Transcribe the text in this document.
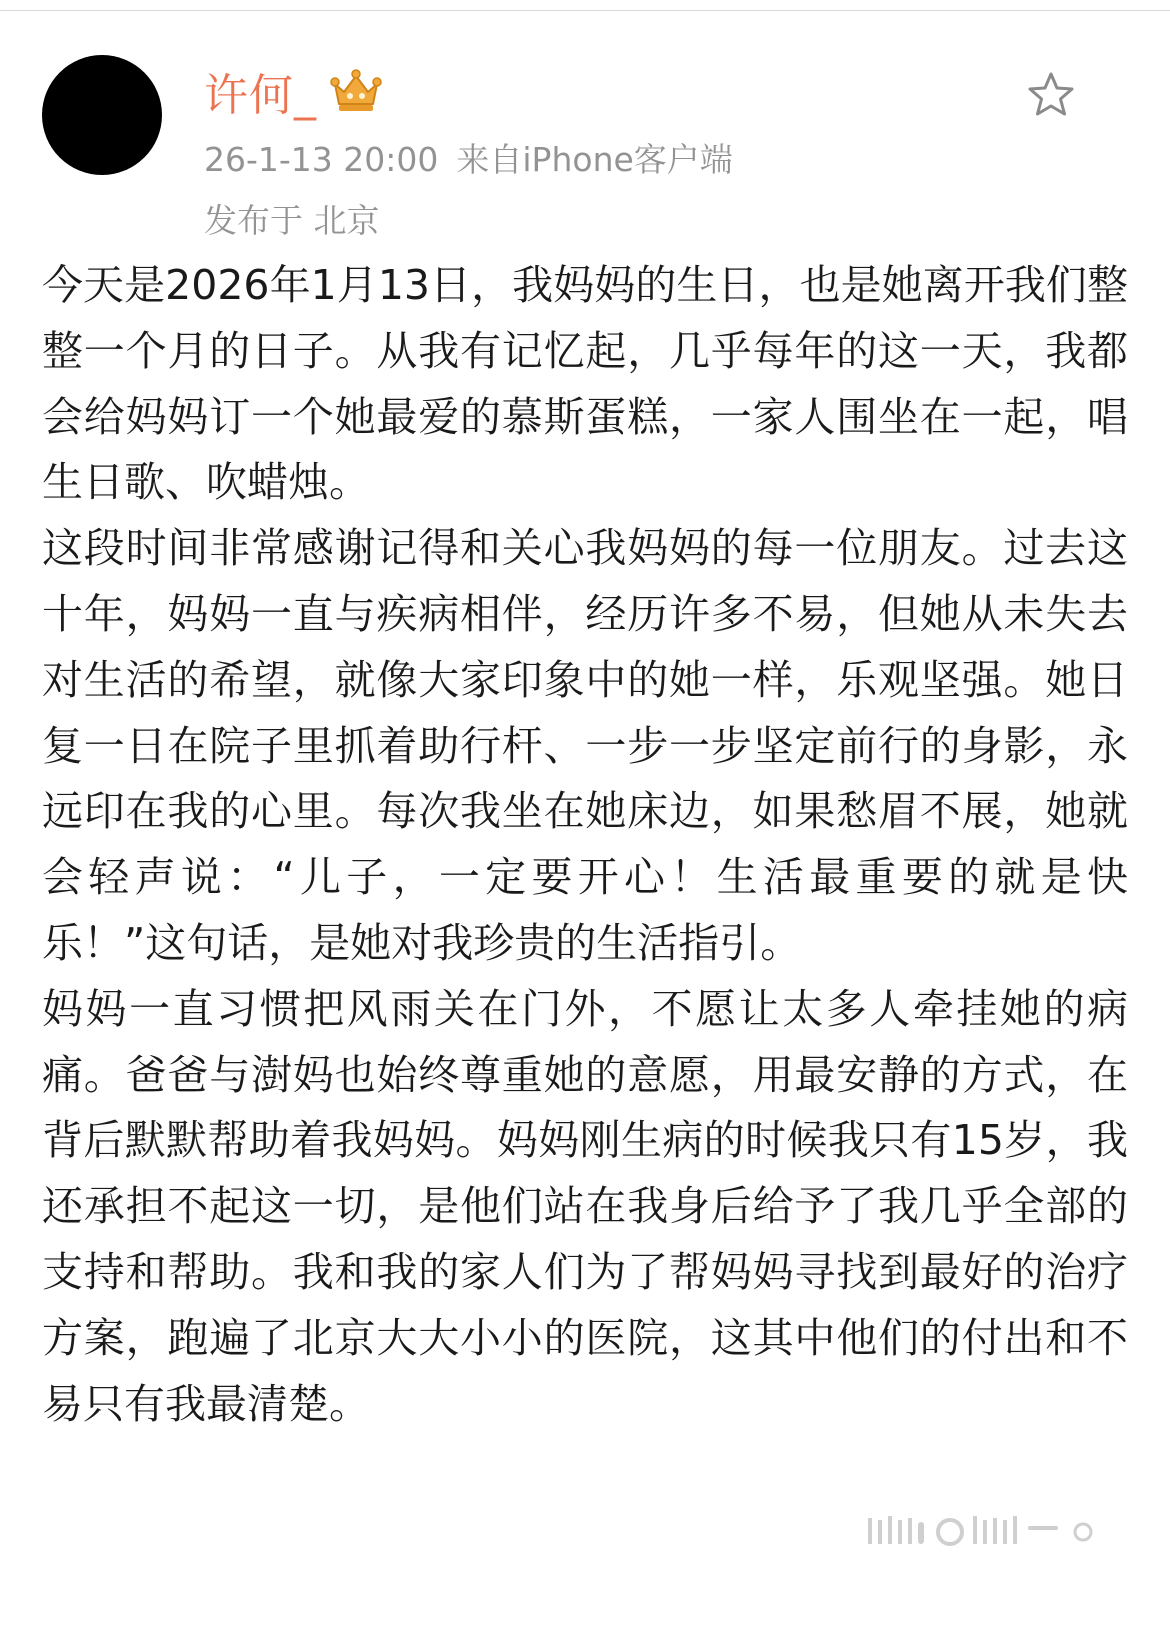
许何_
26-1-13 20:00 来自iPhone客户端
发布于 北京

今天是2026年1月13日，我妈妈的生日，也是她离开我们整整一个月的日子。从我有记忆起，几乎每年的这一天，我都会给妈妈订一个她最爱的慕斯蛋糕，一家人围坐在一起，唱生日歌、吹蜡烛。

这段时间非常感谢记得和关心我妈妈的每一位朋友。过去这十年，妈妈一直与疾病相伴，经历许多不易，但她从未失去对生活的希望，就像大家印象中的她一样，乐观坚强。她日复一日在院子里抓着助行杆、一步一步坚定前行的身影，永远印在我的心里。每次我坐在她床边，如果愁眉不展，她就会轻声说：“儿子，一定要开心！生活最重要的就是快乐！”这句话，是她对我珍贵的生活指引。

妈妈一直习惯把风雨关在门外，不愿让太多人牵挂她的病痛。爸爸与澍妈也始终尊重她的意愿，用最安静的方式，在背后默默帮助着我妈妈。妈妈刚生病的时候我只有15岁，我还承担不起这一切，是他们站在我身后给予了我几乎全部的支持和帮助。我和我的家人们为了帮妈妈寻找到最好的治疗方案，跑遍了北京大大小小的医院，这其中他们的付出和不易只有我最清楚。
